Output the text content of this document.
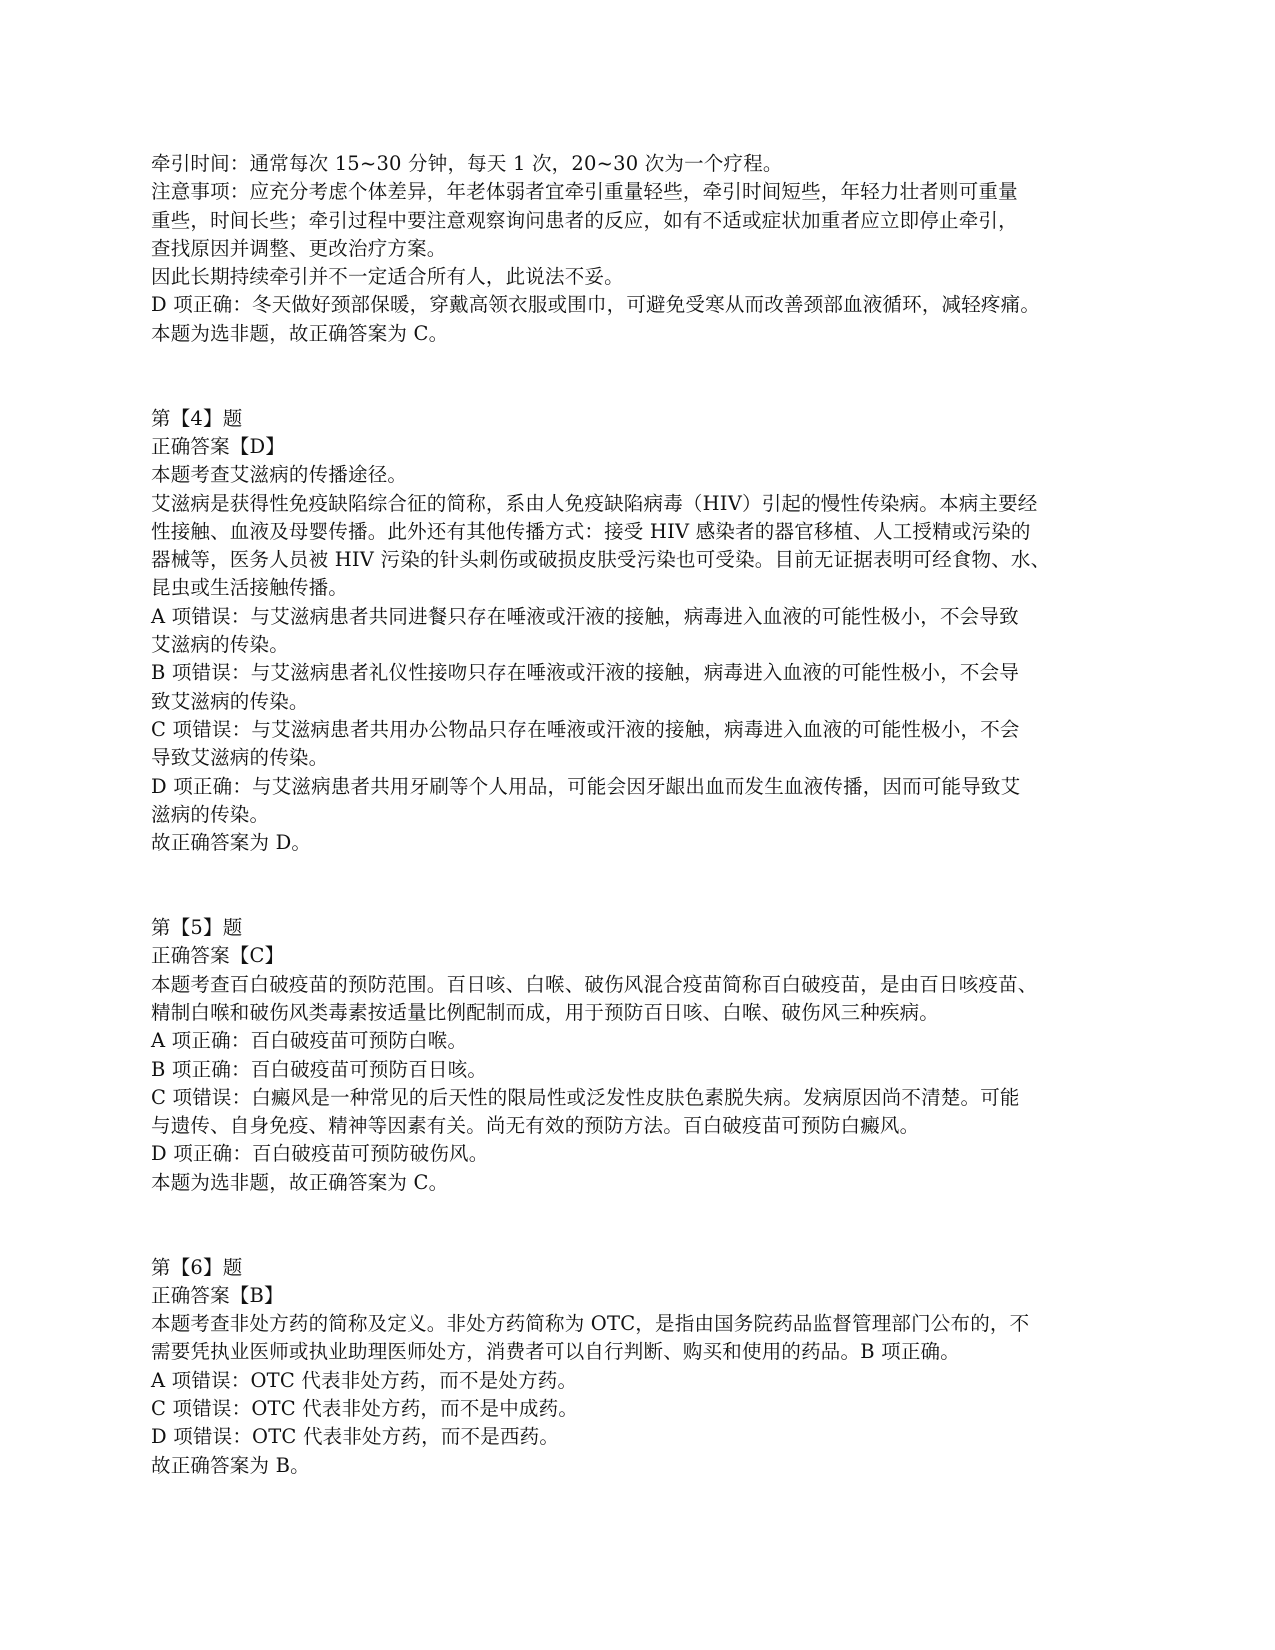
牵引时间：通常每次 15~30 分钟，每天 1 次，20~30 次为一个疗程。
注意事项：应充分考虑个体差异，年老体弱者宜牵引重量轻些，牵引时间短些，年轻力壮者则可重量
重些，时间长些；牵引过程中要注意观察询问患者的反应，如有不适或症状加重者应立即停止牵引，
查找原因并调整、更改治疗方案。
因此长期持续牵引并不一定适合所有人，此说法不妥。
D 项正确：冬天做好颈部保暖，穿戴高领衣服或围巾，可避免受寒从而改善颈部血液循环，减轻疼痛。
本题为选非题，故正确答案为 C。
第【4】题
正确答案【D】
本题考查艾滋病的传播途径。
艾滋病是获得性免疫缺陷综合征的简称，系由人免疫缺陷病毒（HIV）引起的慢性传染病。本病主要经
性接触、血液及母婴传播。此外还有其他传播方式：接受 HIV 感染者的器官移植、人工授精或污染的
器械等，医务人员被 HIV 污染的针头刺伤或破损皮肤受污染也可受染。目前无证据表明可经食物、水、
昆虫或生活接触传播。
A 项错误：与艾滋病患者共同进餐只存在唾液或汗液的接触，病毒进入血液的可能性极小，不会导致
艾滋病的传染。
B 项错误：与艾滋病患者礼仪性接吻只存在唾液或汗液的接触，病毒进入血液的可能性极小，不会导
致艾滋病的传染。
C 项错误：与艾滋病患者共用办公物品只存在唾液或汗液的接触，病毒进入血液的可能性极小，不会
导致艾滋病的传染。
D 项正确：与艾滋病患者共用牙刷等个人用品，可能会因牙龈出血而发生血液传播，因而可能导致艾
滋病的传染。
故正确答案为 D。
第【5】题
正确答案【C】
本题考查百白破疫苗的预防范围。百日咳、白喉、破伤风混合疫苗简称百白破疫苗，是由百日咳疫苗、
精制白喉和破伤风类毒素按适量比例配制而成，用于预防百日咳、白喉、破伤风三种疾病。
A 项正确：百白破疫苗可预防白喉。
B 项正确：百白破疫苗可预防百日咳。
C 项错误：白癜风是一种常见的后天性的限局性或泛发性皮肤色素脱失病。发病原因尚不清楚。可能
与遗传、自身免疫、精神等因素有关。尚无有效的预防方法。百白破疫苗可预防白癜风。
D 项正确：百白破疫苗可预防破伤风。
本题为选非题，故正确答案为 C。
第【6】题
正确答案【B】
本题考查非处方药的简称及定义。非处方药简称为 OTC，是指由国务院药品监督管理部门公布的，不
需要凭执业医师或执业助理医师处方，消费者可以自行判断、购买和使用的药品。B 项正确。
A 项错误：OTC 代表非处方药，而不是处方药。
C 项错误：OTC 代表非处方药，而不是中成药。
D 项错误：OTC 代表非处方药，而不是西药。
故正确答案为 B。
